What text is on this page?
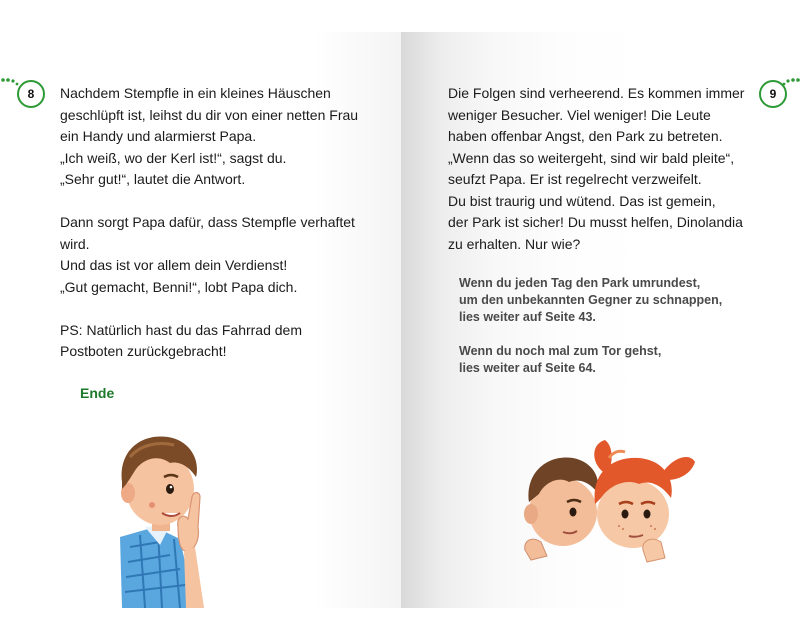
8	Nachdem Stempfle in ein kleines Häuschen
geschlüpft ist, leihst du dir von einer netten Frau
ein Handy und alarmierst Papa.
„Ich weiß, wo der Kerl ist!“, sagst du.
„Sehr gut!“, lautet die Antwort.
Dann sorgt Papa dafür, dass Stempfle verhaftet
wird.
Und das ist vor allem dein Verdienst!
„Gut gemacht, Benni!“, lobt Papa dich.
PS: Natürlich hast du das Fahrrad dem
Postboten zurückgebracht!
Ende
9
Die Folgen sind verheerend. Es kommen immer
weniger Besucher. Viel weniger! Die Leute
haben offenbar Angst, den Park zu betreten.
„Wenn das so weitergeht, sind wir bald pleite“,
seufzt Papa. Er ist regelrecht verzweifelt.
Du bist traurig und wütend. Das ist gemein,
der Park ist sicher! Du musst helfen, Dinolandia
zu erhalten. Nur wie?

Wenn du jeden Tag den Park umrundest,
um den unbekannten Gegner zu schnappen,
lies weiter auf Seite 43.

Wenn du noch mal zum Tor gehst,
lies weiter auf Seite 64.
